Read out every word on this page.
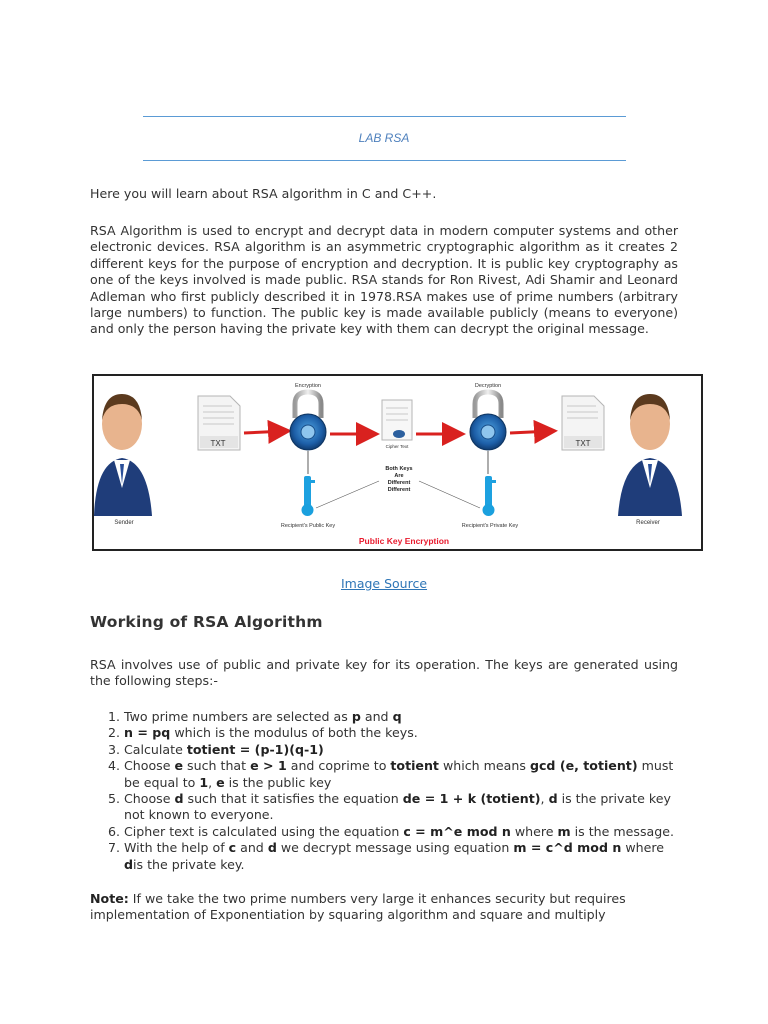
LAB RSA

Here you will learn about RSA algorithm in C and C++.

RSA Algorithm is used to encrypt and decrypt data in modern computer systems and other electronic devices. RSA algorithm is an asymmetric cryptographic algorithm as it creates 2 different keys for the purpose of encryption and decryption. It is public key cryptography as one of the keys involved is made public. RSA stands for Ron Rivest, Adi Shamir and Leonard Adleman who first publicly described it in 1978.RSA makes use of prime numbers (arbitrary large numbers) to function. The public key is made available publicly (means to everyone) and only the person having the private key with them can decrypt the original message.

Sender
TXT
Encryption
Cipher Text
Decryption
TXT
Receiver
Recipient's Public Key	Recipient's Private Key
Both Keys
Are
Different
Different
Public Key Encryption
Image Source
Working of RSA Algorithm

RSA involves use of public and private key for its operation. The keys are generated using the following steps:-

1. Two prime numbers are selected as p and q
2. n = pq which is the modulus of both the keys.
3. Calculate totient = (p-1)(q-1)
4. Choose e such that e > 1 and coprime to totient which means gcd (e, totient) must be equal to 1, e is the public key
5. Choose d such that it satisfies the equation de = 1 + k (totient), d is the private key not known to everyone.
6. Cipher text is calculated using the equation c = m^e mod n where m is the message.
7. With the help of c and d we decrypt message using equation m = c^d mod n where dis the private key.
Note: If we take the two prime numbers very large it enhances security but requires implementation of Exponentiation by squaring algorithm and square and multiply
